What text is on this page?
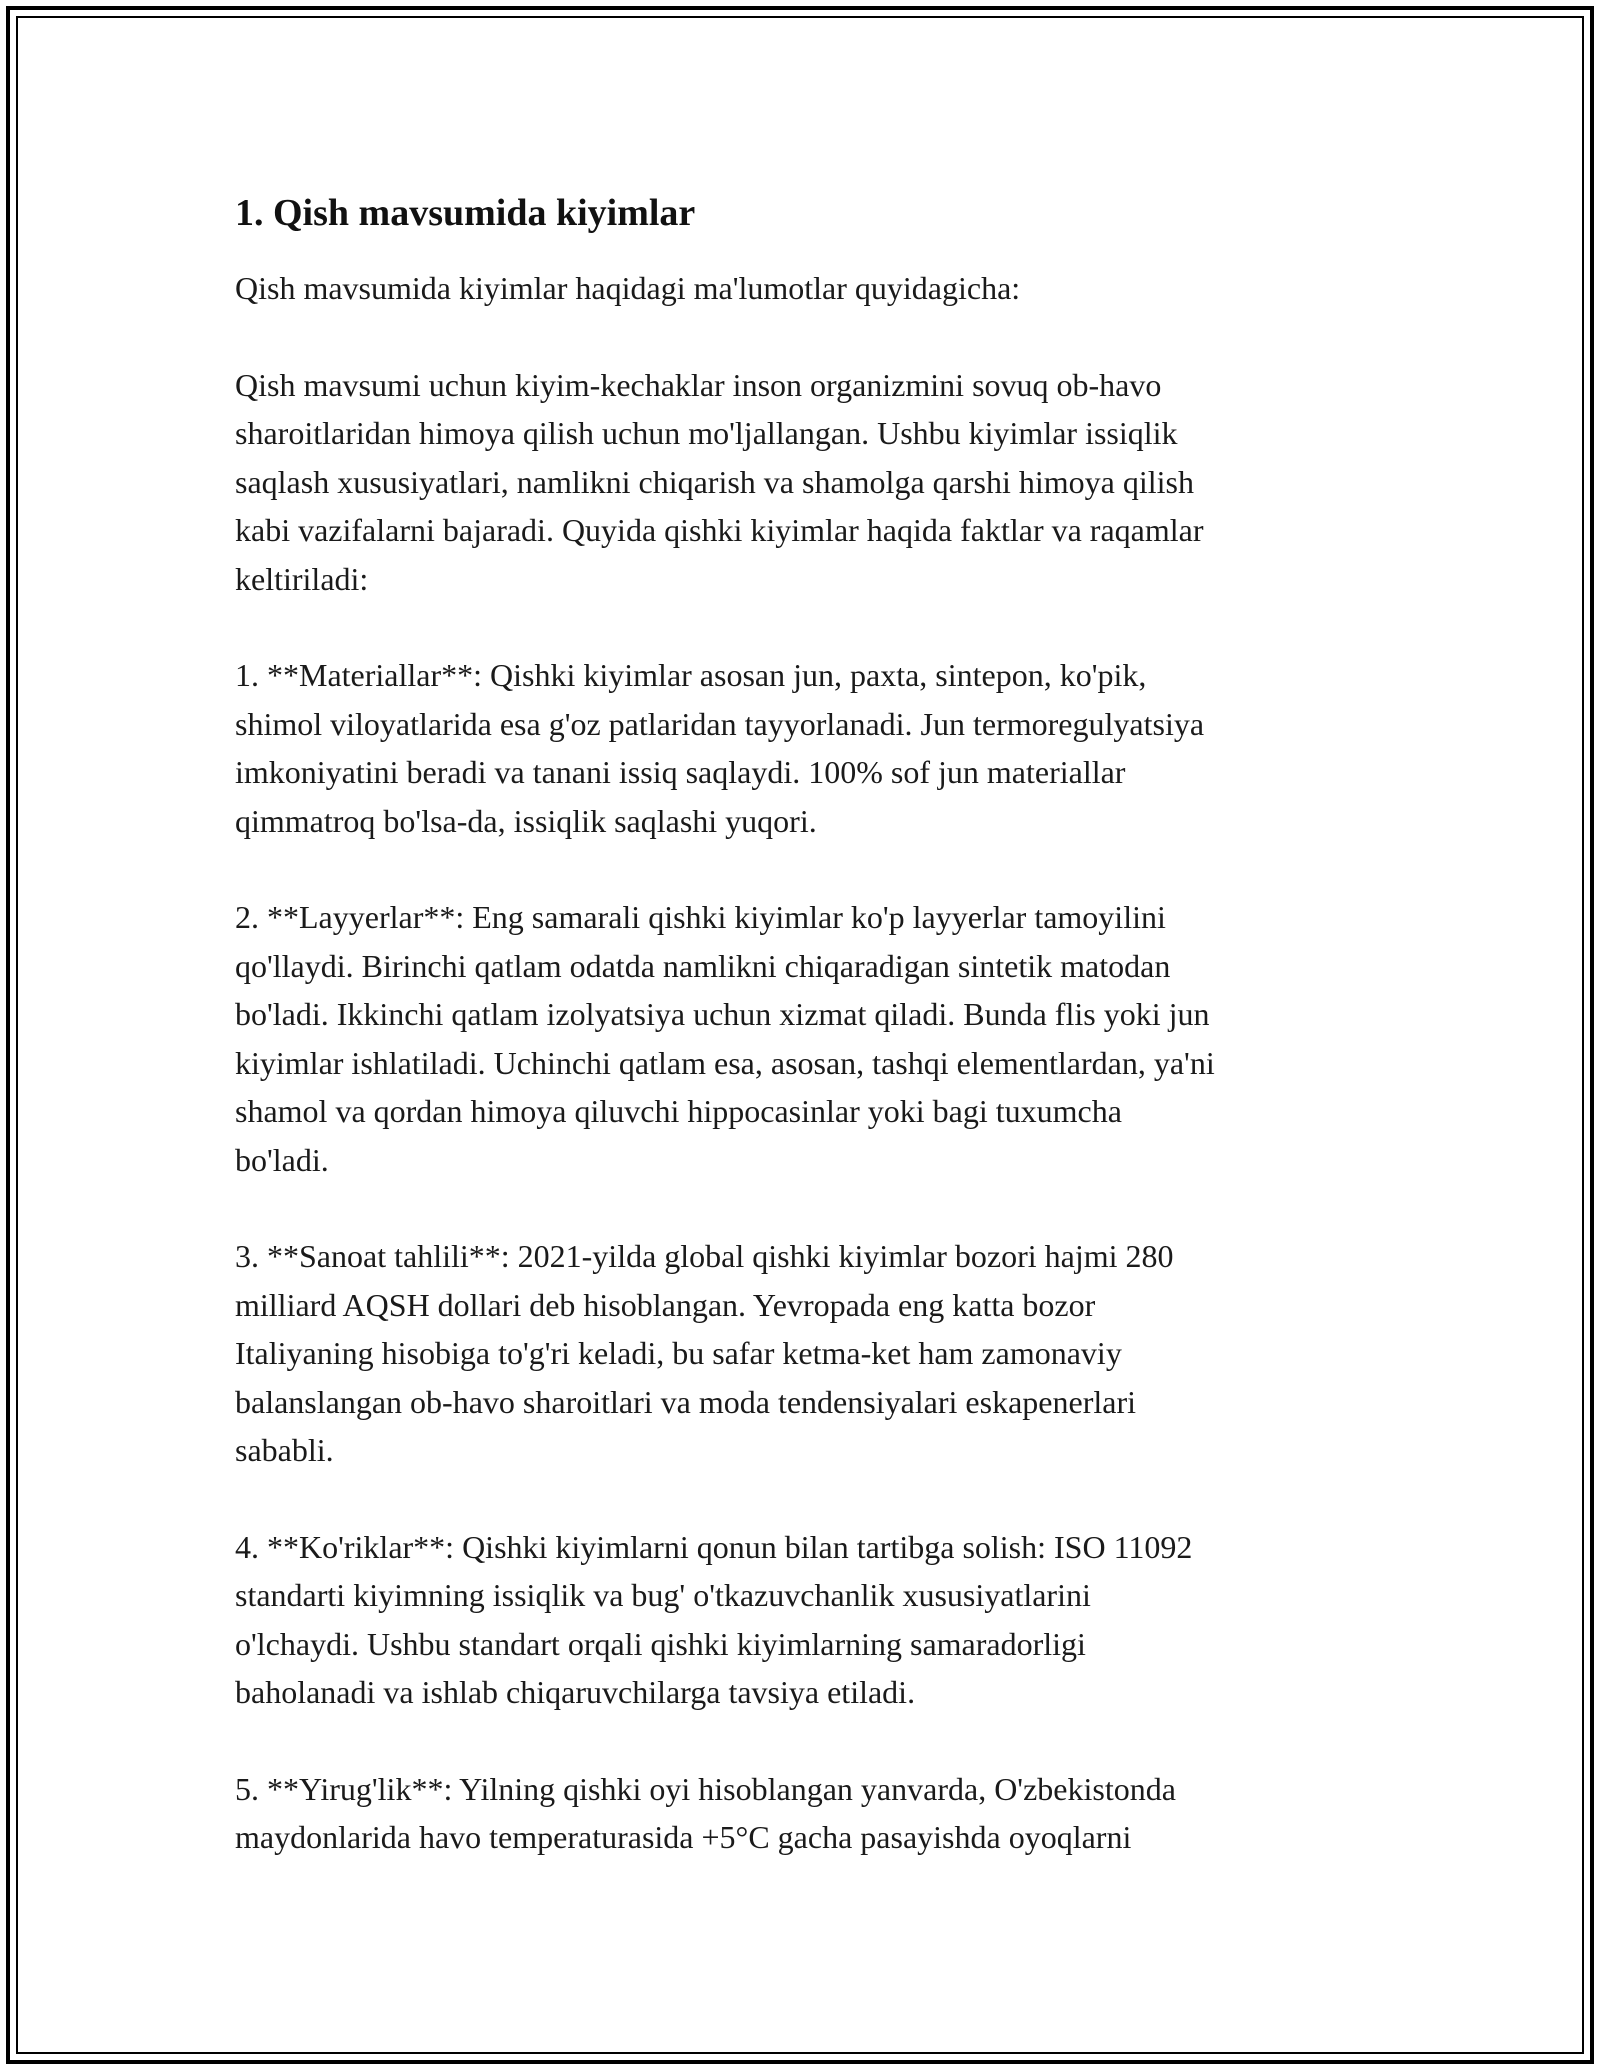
1. Qish mavsumida kiyimlar

Qish mavsumida kiyimlar haqidagi ma'lumotlar quyidagicha:

Qish mavsumi uchun kiyim-kechaklar inson organizmini sovuq ob-havo
sharoitlaridan himoya qilish uchun mo'ljallangan. Ushbu kiyimlar issiqlik
saqlash xususiyatlari, namlikni chiqarish va shamolga qarshi himoya qilish
kabi vazifalarni bajaradi. Quyida qishki kiyimlar haqida faktlar va raqamlar
keltiriladi:

1. **Materiallar**: Qishki kiyimlar asosan jun, paxta, sintepon, ko'pik,
shimol viloyatlarida esa g'oz patlaridan tayyorlanadi. Jun termoregulyatsiya
imkoniyatini beradi va tanani issiq saqlaydi. 100% sof jun materiallar
qimmatroq bo'lsa-da, issiqlik saqlashi yuqori.

2. **Layyerlar**: Eng samarali qishki kiyimlar ko'p layyerlar tamoyilini
qo'llaydi. Birinchi qatlam odatda namlikni chiqaradigan sintetik matodan
bo'ladi. Ikkinchi qatlam izolyatsiya uchun xizmat qiladi. Bunda flis yoki jun
kiyimlar ishlatiladi. Uchinchi qatlam esa, asosan, tashqi elementlardan, ya'ni
shamol va qordan himoya qiluvchi hippocasinlar yoki bagi tuxumcha
bo'ladi.

3. **Sanoat tahlili**: 2021-yilda global qishki kiyimlar bozori hajmi 280
milliard AQSH dollari deb hisoblangan. Yevropada eng katta bozor
Italiyaning hisobiga to'g'ri keladi, bu safar ketma-ket ham zamonaviy
balanslangan ob-havo sharoitlari va moda tendensiyalari eskapenerlari
sababli.

4. **Ko'riklar**: Qishki kiyimlarni qonun bilan tartibga solish: ISO 11092
standarti kiyimning issiqlik va bug' o'tkazuvchanlik xususiyatlarini
o'lchaydi. Ushbu standart orqali qishki kiyimlarning samaradorligi
baholanadi va ishlab chiqaruvchilarga tavsiya etiladi.

5. **Yirug'lik**: Yilning qishki oyi hisoblangan yanvarda, O'zbekistonda
maydonlarida havo temperaturasida +5°C gacha pasayishda oyoqlarni
